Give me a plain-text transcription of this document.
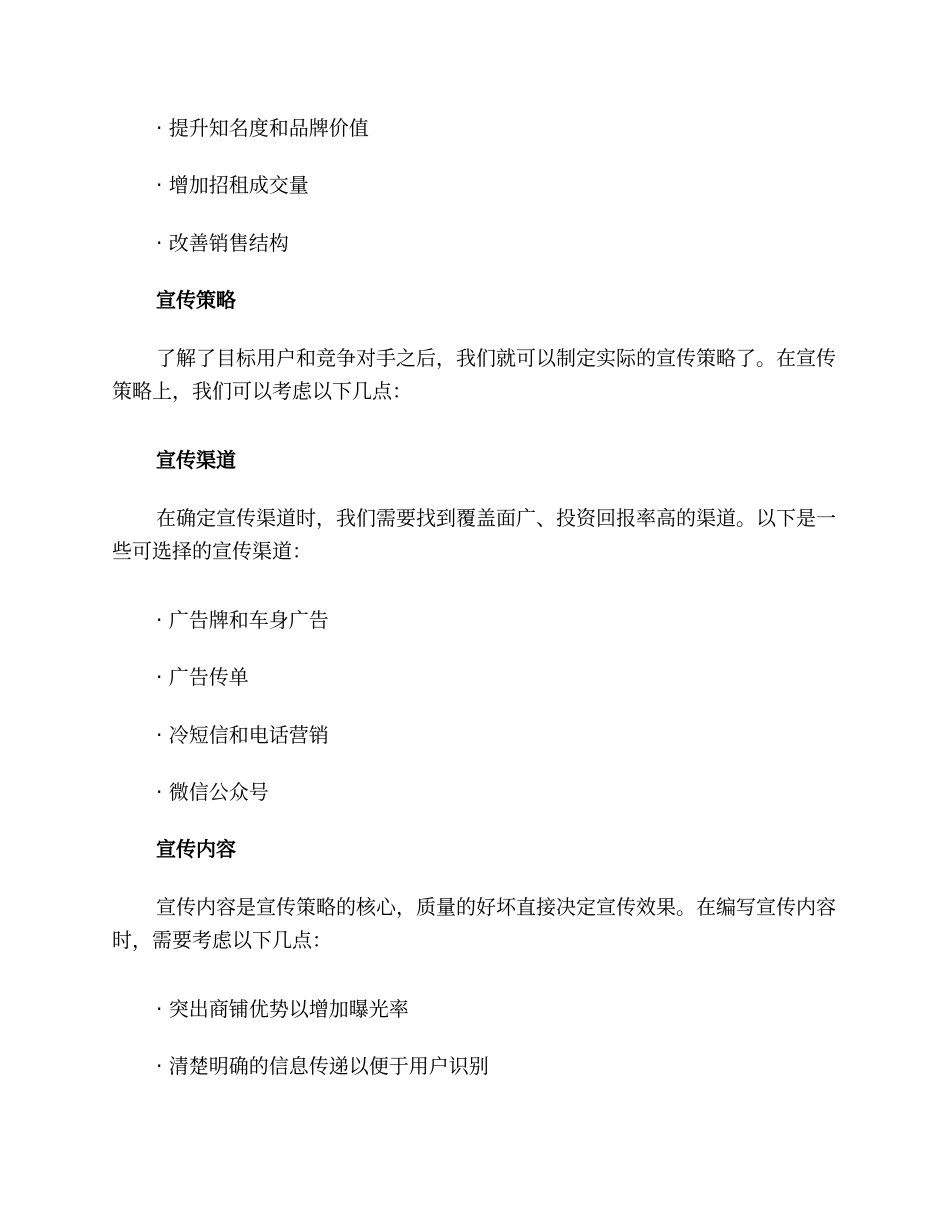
· 提升知名度和品牌价值

· 增加招租成交量

· 改善销售结构

宣传策略

了解了目标用户和竞争对手之后，我们就可以制定实际的宣传策略了。在宣传策略上，我们可以考虑以下几点：

宣传渠道

在确定宣传渠道时，我们需要找到覆盖面广、投资回报率高的渠道。以下是一些可选择的宣传渠道：

· 广告牌和车身广告

· 广告传单

· 冷短信和电话营销

· 微信公众号

宣传内容

宣传内容是宣传策略的核心，质量的好坏直接决定宣传效果。在编写宣传内容时，需要考虑以下几点：

· 突出商铺优势以增加曝光率

· 清楚明确的信息传递以便于用户识别
